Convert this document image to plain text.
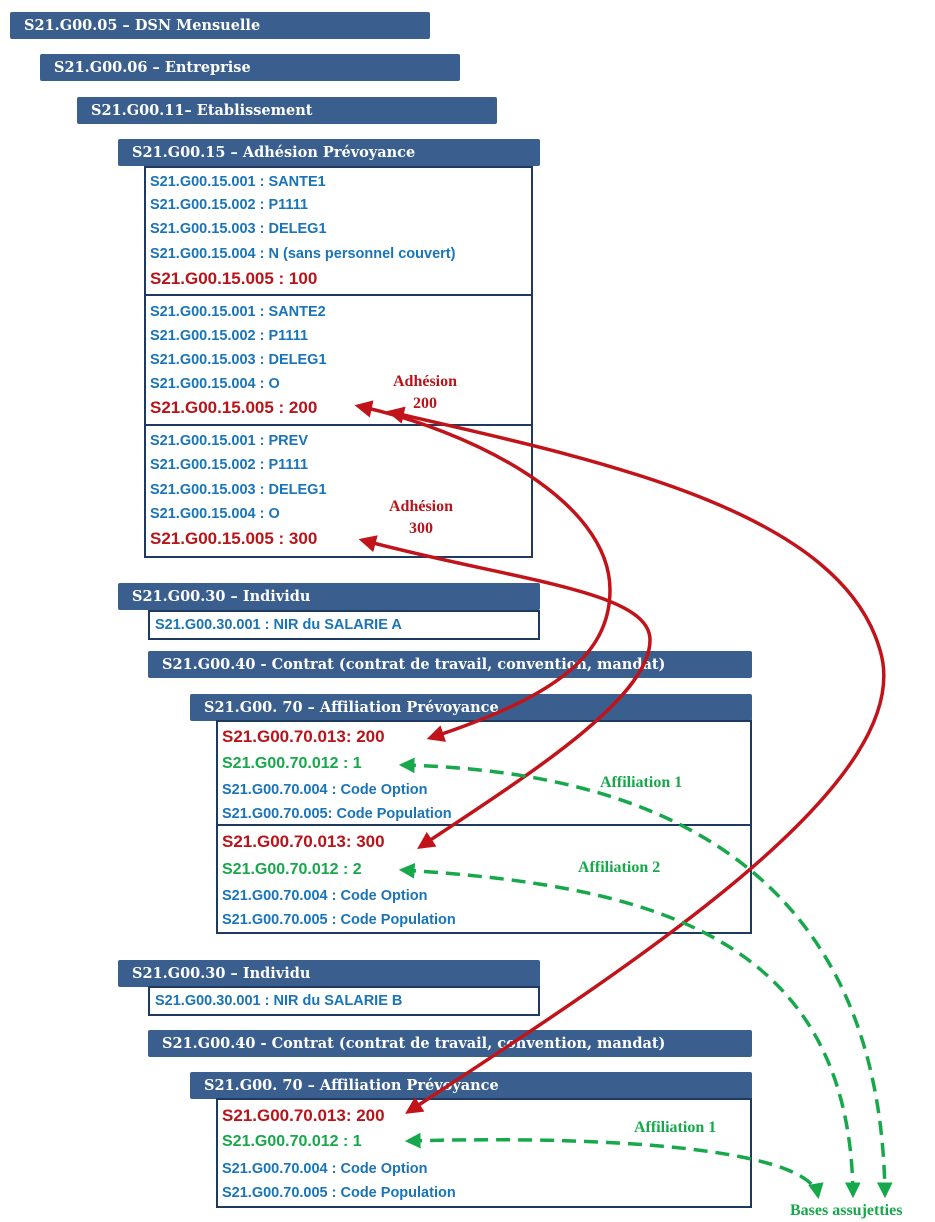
S21.G00.05 – DSN Mensuelle
S21.G00.06 – Entreprise
S21.G00.11– Etablissement
S21.G00.15 – Adhésion Prévoyance
S21.G00.15.001 : SANTE1
S21.G00.15.002 : P1111
S21.G00.15.003 : DELEG1
S21.G00.15.004 : N (sans personnel couvert)
S21.G00.15.005 : 100
S21.G00.15.001 : SANTE2
S21.G00.15.002 : P1111
S21.G00.15.003 : DELEG1
S21.G00.15.004 : O
S21.G00.15.005 : 200
S21.G00.15.001 : PREV
S21.G00.15.002 : P1111
S21.G00.15.003 : DELEG1
S21.G00.15.004 : O
S21.G00.15.005 : 300
Adhésion
200
Adhésion
300
S21.G00.30 – Individu
S21.G00.30.001 : NIR du SALARIE A
S21.G00.40 - Contrat (contrat de travail, convention, mandat)
S21.G00. 70 – Affiliation Prévoyance
S21.G00.70.013: 200
S21.G00.70.012 : 1
S21.G00.70.004 : Code Option
S21.G00.70.005: Code Population
S21.G00.70.013: 300
S21.G00.70.012 : 2
S21.G00.70.004 : Code Option
S21.G00.70.005 : Code Population
Affiliation 1
Affiliation 2
S21.G00.30 – Individu
S21.G00.30.001 : NIR du SALARIE B
S21.G00.40 - Contrat (contrat de travail, convention, mandat)
S21.G00. 70 – Affiliation Prévoyance
S21.G00.70.013: 200
S21.G00.70.012 : 1
S21.G00.70.004 : Code Option
S21.G00.70.005 : Code Population
Affiliation 1
Bases assujetties
